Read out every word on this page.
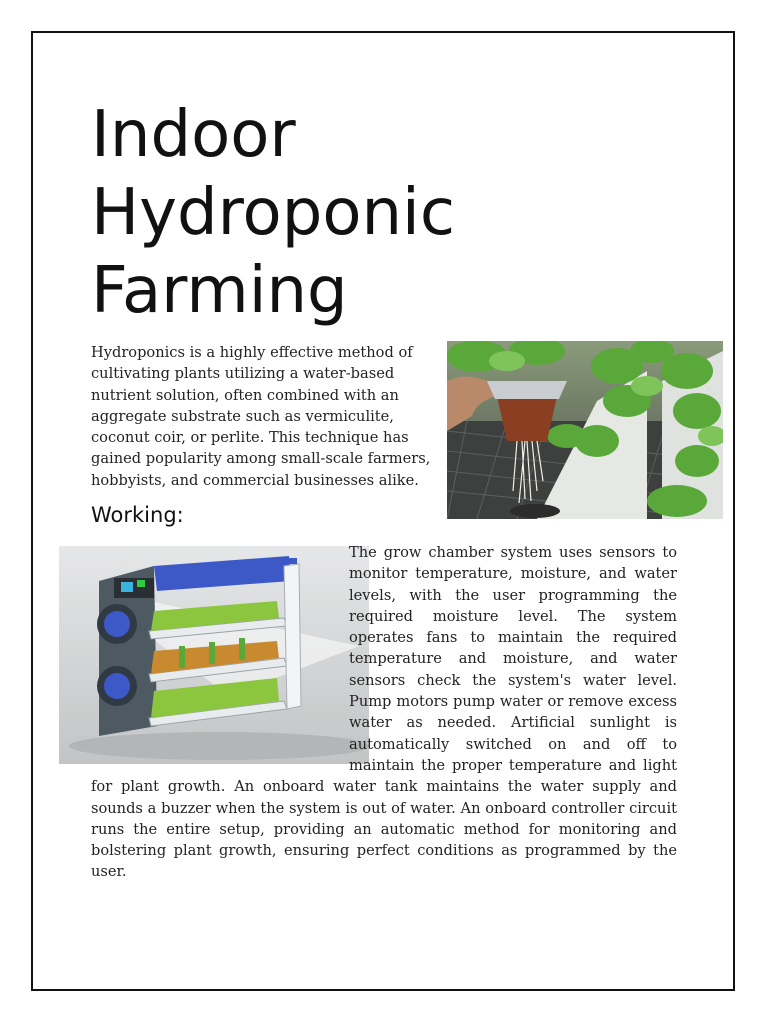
Indoor Hydroponic Farming

Hydroponics is a highly effective method of cultivating plants utilizing a water-based nutrient solution, often combined with an aggregate substrate such as vermiculite, coconut coir, or perlite. This technique has gained popularity among small-scale farmers, hobbyists, and commercial businesses alike.

Working:
The grow chamber system uses sensors to monitor temperature, moisture, and water levels, with the user programming the required moisture level. The system operates fans to maintain the required temperature and moisture, and water sensors check the system's water level. Pump motors pump water or remove excess water as needed. Artificial sunlight is automatically switched on and off to maintain the proper temperature and light for plant growth. An onboard water tank maintains the water supply and sounds a buzzer when the system is out of water. An onboard controller circuit runs the entire setup, providing an automatic method for monitoring and bolstering plant growth, ensuring perfect conditions as programmed by the user.
